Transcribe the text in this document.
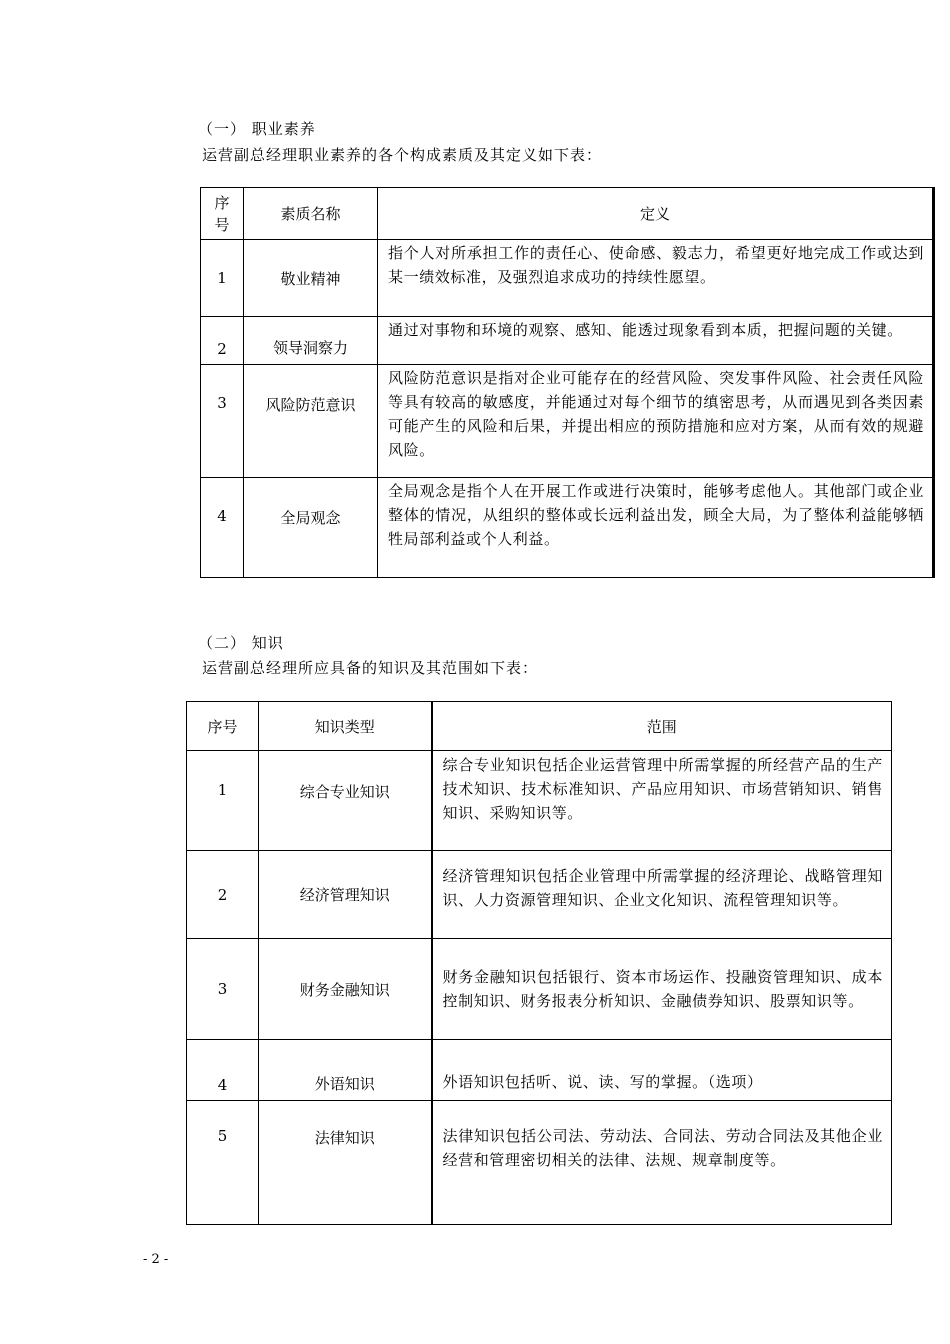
（一） 职业素养
运营副总经理职业素养的各个构成素质及其定义如下表：
序
号	素质名称	定义
1	敬业精神	指个人对所承担工作的责任心、使命感、毅志力，希望更好地完成工作或达到某一绩效标准，及强烈追求成功的持续性愿望。
2	领导洞察力	通过对事物和环境的观察、感知、能透过现象看到本质，把握问题的关键。
3	风险防范意识	风险防范意识是指对企业可能存在的经营风险、突发事件风险、社会责任风险等具有较高的敏感度，并能通过对每个细节的缜密思考，从而遇见到各类因素可能产生的风险和后果，并提出相应的预防措施和应对方案，从而有效的规避风险。
4	全局观念	全局观念是指个人在开展工作或进行决策时，能够考虑他人。其他部门或企业整体的情况，从组织的整体或长远利益出发，顾全大局，为了整体利益能够牺牲局部利益或个人利益。
（二） 知识
运营副总经理所应具备的知识及其范围如下表：
序号	知识类型	范围
1	综合专业知识	综合专业知识包括企业运营管理中所需掌握的所经营产品的生产技术知识、技术标准知识、产品应用知识、市场营销知识、销售知识、采购知识等。
2	经济管理知识	经济管理知识包括企业管理中所需掌握的经济理论、战略管理知识、人力资源管理知识、企业文化知识、流程管理知识等。
3	财务金融知识	财务金融知识包括银行、资本市场运作、投融资管理知识、成本控制知识、财务报表分析知识、金融债券知识、股票知识等。
4	外语知识	外语知识包括听、说、读、写的掌握。（选项）
5	法律知识	法律知识包括公司法、劳动法、合同法、劳动合同法及其他企业经营和管理密切相关的法律、法规、规章制度等。
- 2 -
